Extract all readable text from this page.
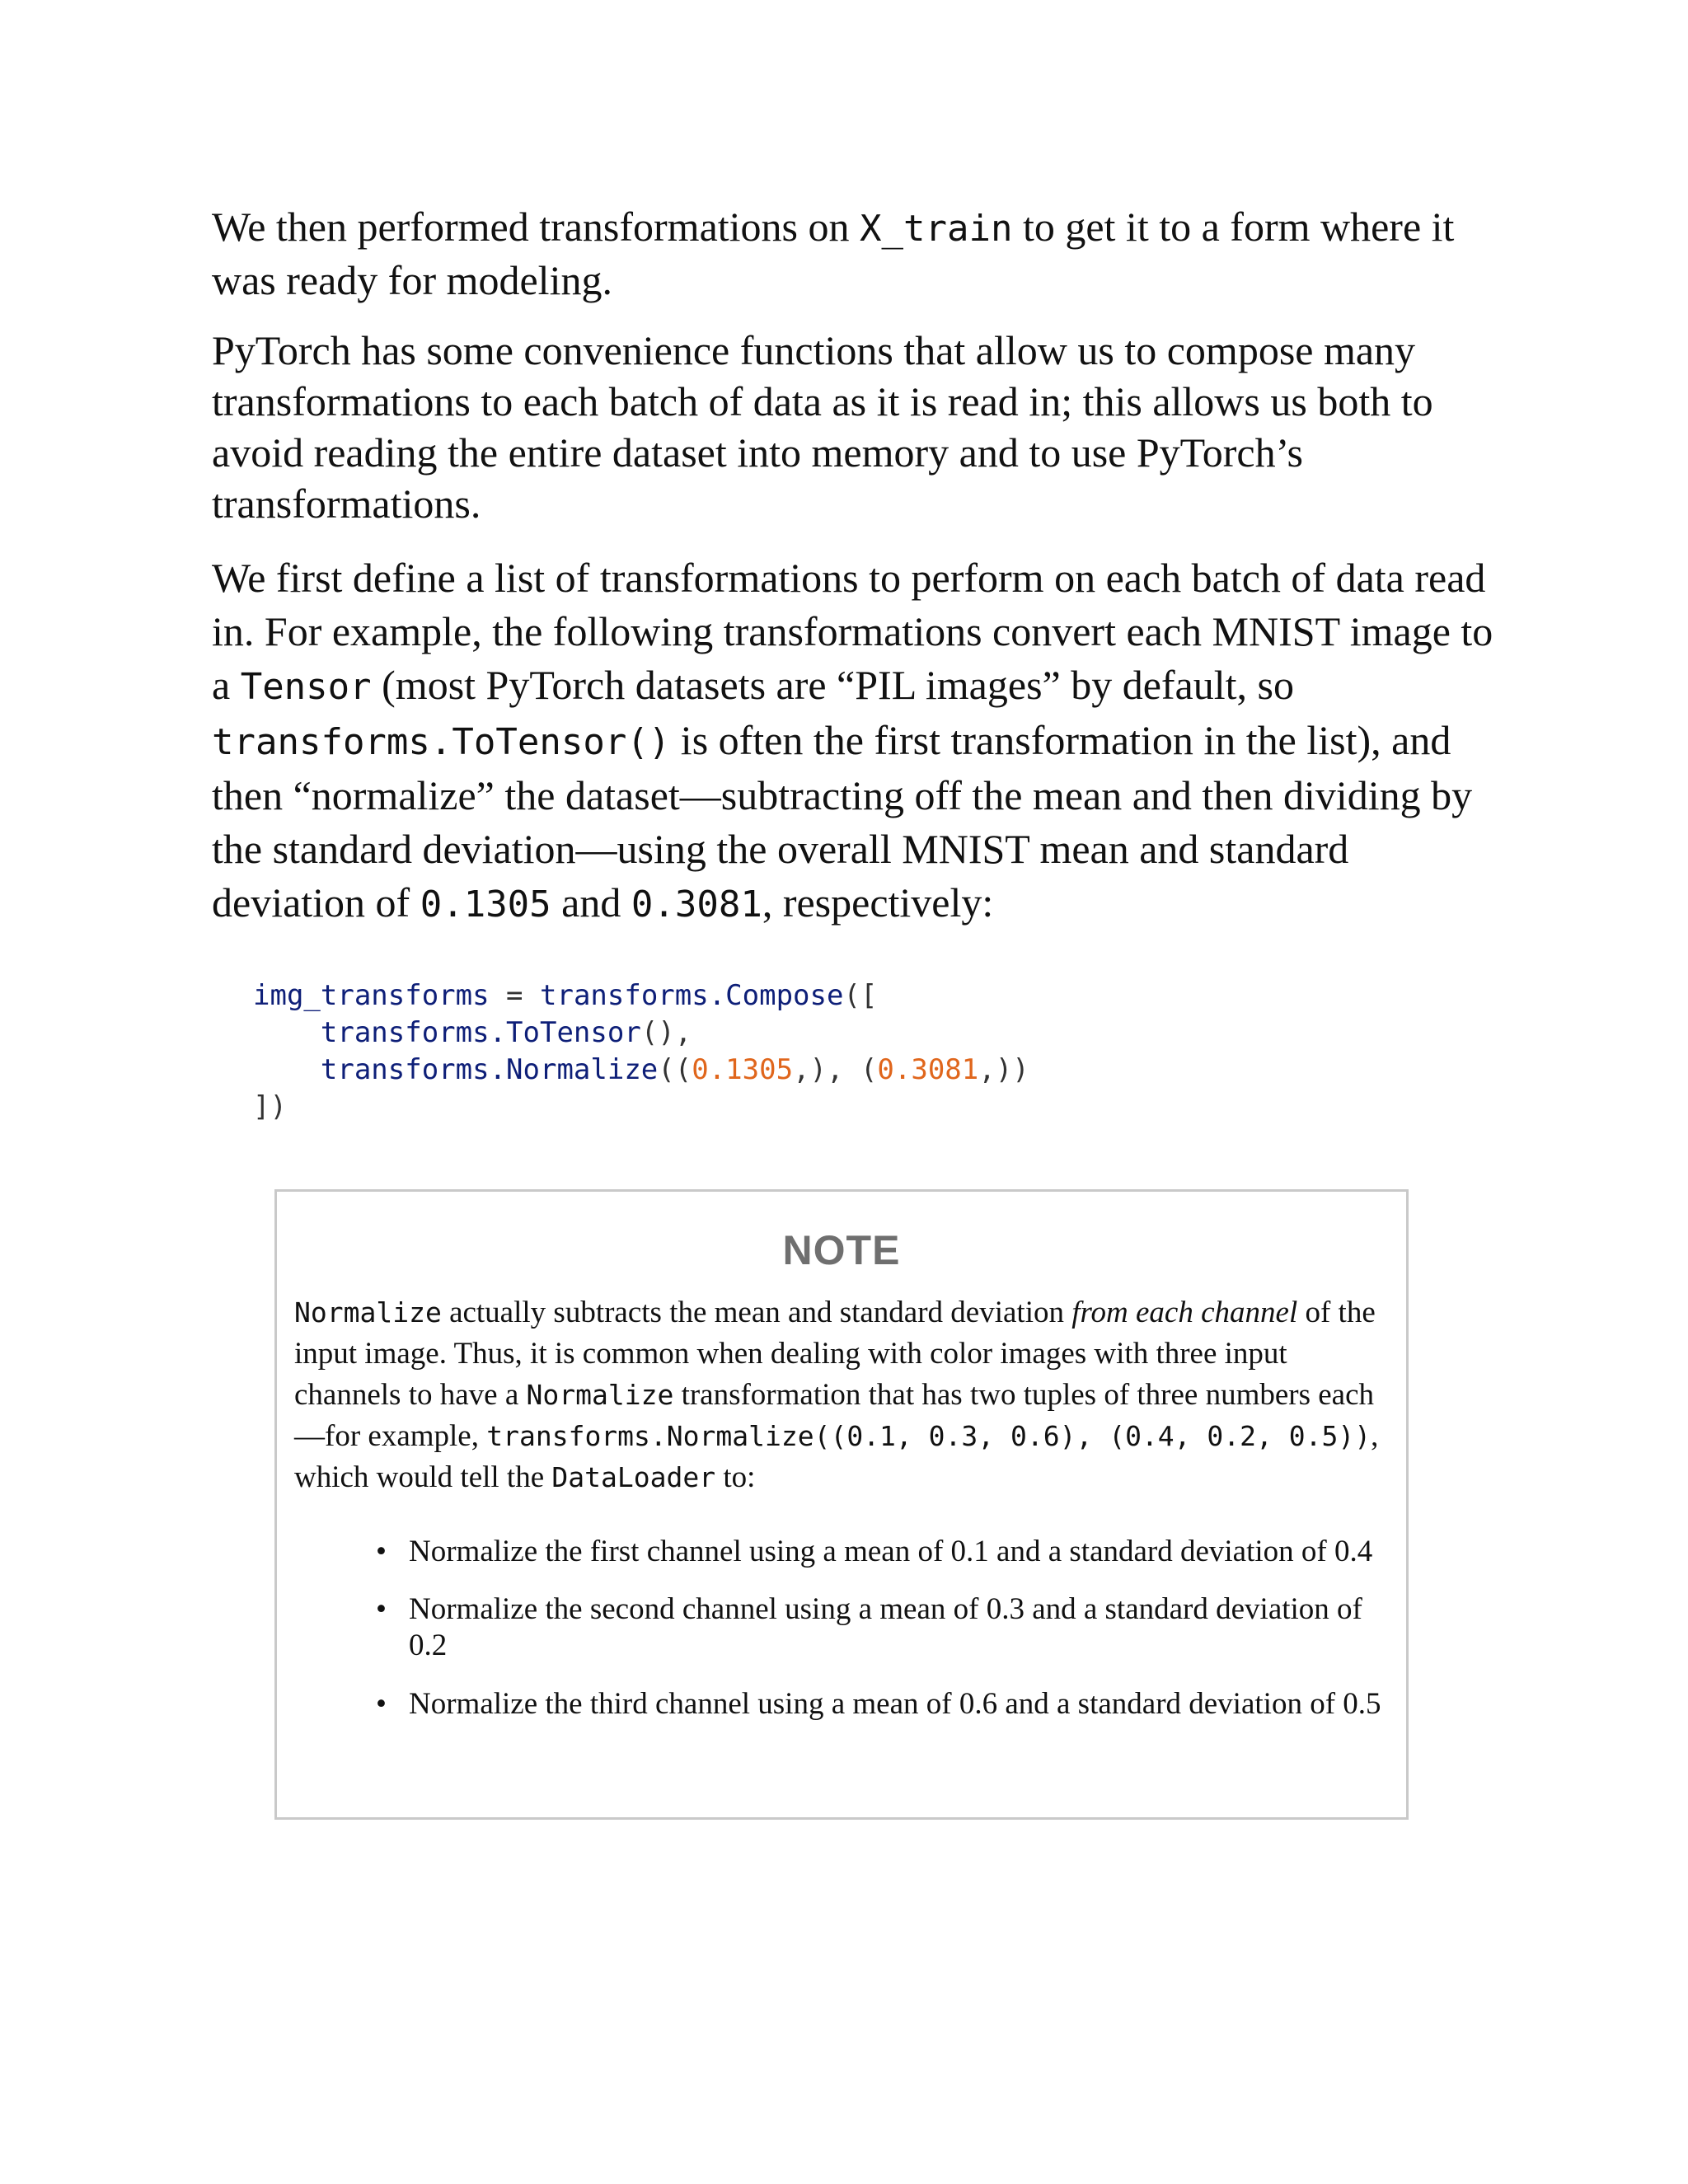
We then performed transformations on X_train to get it to a form where it was ready for modeling.

PyTorch has some convenience functions that allow us to compose many transformations to each batch of data as it is read in; this allows us both to avoid reading the entire dataset into memory and to use PyTorch’s transformations.

We first define a list of transformations to perform on each batch of data read in. For example, the following transformations convert each MNIST image to a Tensor (most PyTorch datasets are “PIL images” by default, so transforms.ToTensor() is often the first transformation in the list), and then “normalize” the dataset—subtracting off the mean and then dividing by the standard deviation—using the overall MNIST mean and standard deviation of 0.1305 and 0.3081, respectively:

img_transforms = transforms.Compose([
transforms.ToTensor(),
transforms.Normalize((0.1305,), (0.3081,))
])
NOTE

Normalize actually subtracts the mean and standard deviation from each channel of the input image. Thus, it is common when dealing with color images with three input channels to have a Normalize transformation that has two tuples of three numbers each —for example, transforms.Normalize((0.1, 0.3, 0.6), (0.4, 0.2, 0.5)), which would tell the DataLoader to:

• Normalize the first channel using a mean of 0.1 and a standard deviation of 0.4
• Normalize the second channel using a mean of 0.3 and a standard deviation of 0.2
• Normalize the third channel using a mean of 0.6 and a standard deviation of 0.5
